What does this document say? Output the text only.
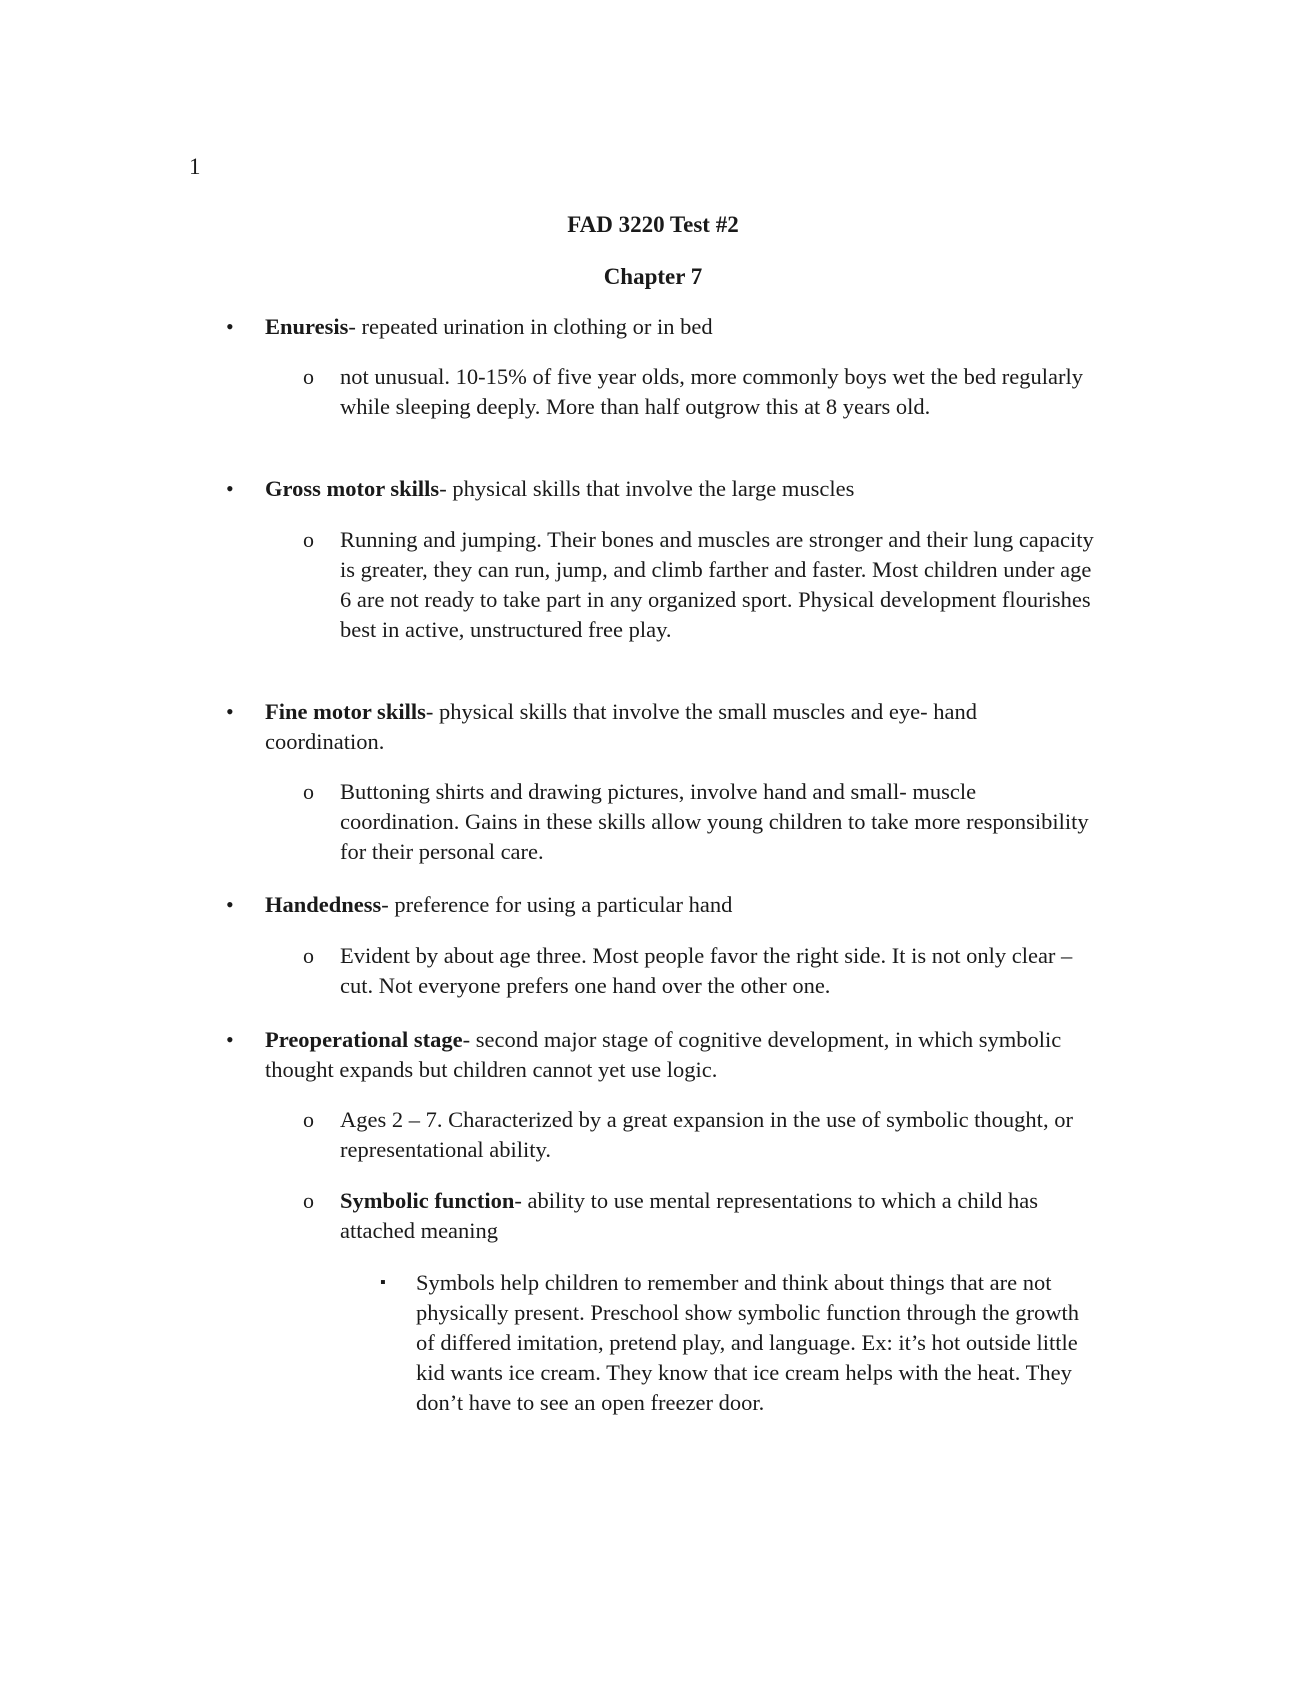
1
FAD 3220 Test #2
Chapter 7
• Enuresis- repeated urination in clothing or in bed
o	not unusual. 10-15% of five year olds, more commonly boys wet the bed regularly while sleeping deeply. More than half outgrow this at 8 years old.
• Gross motor skills- physical skills that involve the large muscles
o	Running and jumping. Their bones and muscles are stronger and their lung capacity is greater, they can run, jump, and climb farther and faster. Most children under age 6 are not ready to take part in any organized sport. Physical development flourishes best in active, unstructured free play.
• Fine motor skills- physical skills that involve the small muscles and eye- hand coordination.
o	Buttoning shirts and drawing pictures, involve hand and small- muscle coordination. Gains in these skills allow young children to take more responsibility for their personal care.
• Handedness- preference for using a particular hand
o	Evident by about age three. Most people favor the right side. It is not only clear – cut. Not everyone prefers one hand over the other one.
• Preoperational stage- second major stage of cognitive development, in which symbolic thought expands but children cannot yet use logic.
o	Ages 2 – 7. Characterized by a great expansion in the use of symbolic thought, or representational ability.
o	Symbolic function- ability to use mental representations to which a child has attached meaning
▪ Symbols help children to remember and think about things that are not physically present. Preschool show symbolic function through the growth of differed imitation, pretend play, and language. Ex: it’s hot outside little kid wants ice cream. They know that ice cream helps with the heat. They don’t have to see an open freezer door.
